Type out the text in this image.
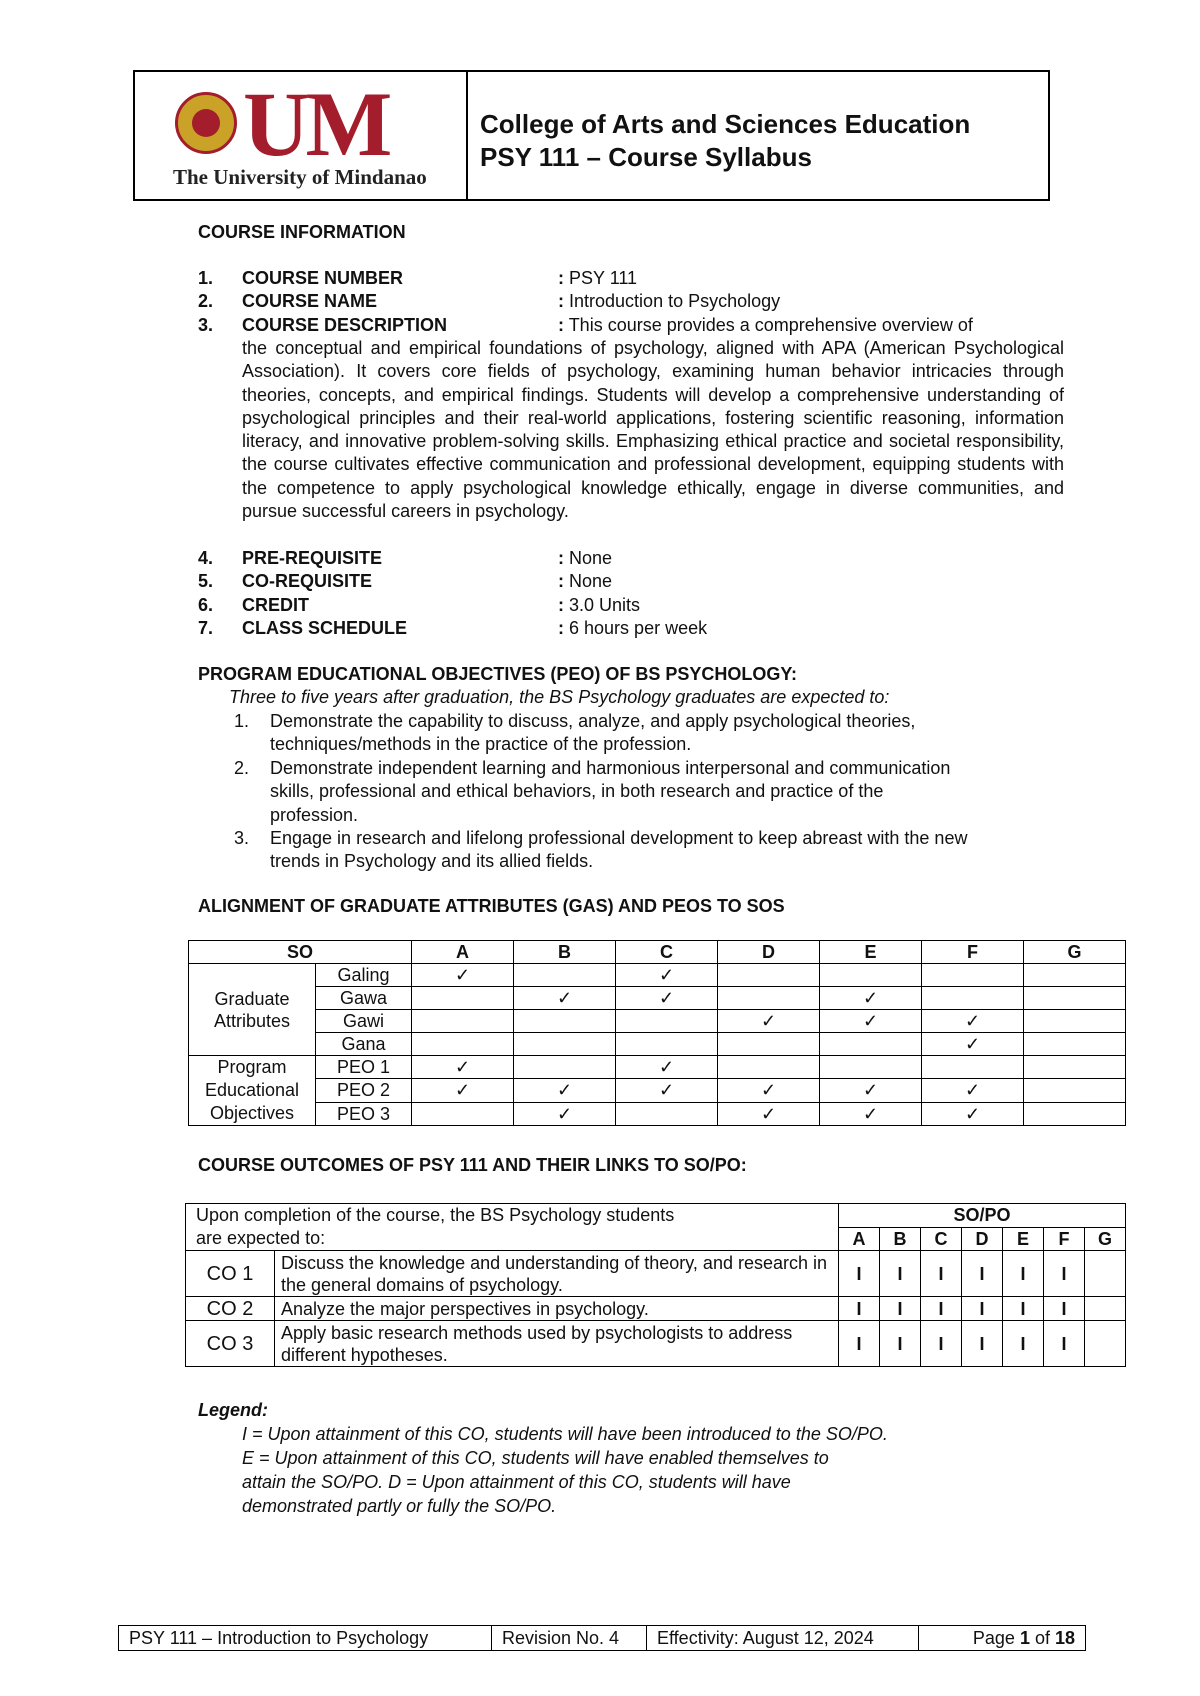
UM
The University of Mindanao
College of Arts and Sciences Education
PSY 111 – Course Syllabus
COURSE INFORMATION
1. COURSE NUMBER	: PSY 111
2. COURSE NAME	: Introduction to Psychology
3. COURSE DESCRIPTION	: This course provides a comprehensive overview of
the conceptual and empirical foundations of psychology, aligned with APA (American Psychological Association). It covers core fields of psychology, examining human behavior intricacies through theories, concepts, and empirical findings. Students will develop a comprehensive understanding of psychological principles and their real-world applications, fostering scientific reasoning, information literacy, and innovative problem-solving skills. Emphasizing ethical practice and societal responsibility, the course cultivates effective communication and professional development, equipping students with the competence to apply psychological knowledge ethically, engage in diverse communities, and pursue successful careers in psychology.
4. PRE-REQUISITE	: None
5. CO-REQUISITE	: None
6. CREDIT	: 3.0 Units
7. CLASS SCHEDULE	: 6 hours per week
PROGRAM EDUCATIONAL OBJECTIVES (PEO) OF BS PSYCHOLOGY:
Three to five years after graduation, the BS Psychology graduates are expected to:
1. Demonstrate the capability to discuss, analyze, and apply psychological theories, techniques/methods in the practice of the profession.
2. Demonstrate independent learning and harmonious interpersonal and communication skills, professional and ethical behaviors, in both research and practice of the profession.
3. Engage in research and lifelong professional development to keep abreast with the new trends in Psychology and its allied fields.
ALIGNMENT OF GRADUATE ATTRIBUTES (GAS) AND PEOS TO SOS
SO		A	B	C	D	E	F	G
Graduate Attributes	Galing	✓		✓				
	Gawa		✓	✓		✓		
	Gawi				✓	✓	✓	
	Gana						✓	
Program Educational Objectives	PEO 1	✓		✓				
	PEO 2	✓	✓	✓	✓	✓	✓	
	PEO 3		✓		✓	✓	✓	
COURSE OUTCOMES OF PSY 111 AND THEIR LINKS TO SO/PO:
Upon completion of the course, the BS Psychology students
are expected to:		SO/PO						
		A	B	C	D	E	F	G
CO 1	Discuss the knowledge and understanding of theory, and research in the general domains of psychology.	I	I	I	I	I	I	
CO 2	Analyze the major perspectives in psychology.	I	I	I	I	I	I	
CO 3	Apply basic research methods used by psychologists to address different hypotheses.	I	I	I	I	I	I	
Legend:
I = Upon attainment of this CO, students will have been introduced to the SO/PO.
E = Upon attainment of this CO, students will have enabled themselves to
attain the SO/PO. D = Upon attainment of this CO, students will have
demonstrated partly or fully the SO/PO.
PSY 111 – Introduction to Psychology	Revision No. 4	Effectivity: August 12, 2024	Page 1 of 18
